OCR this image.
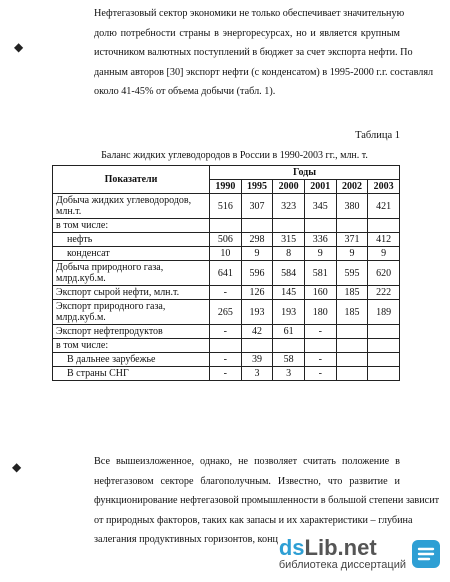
Нефтегазовый сектор экономики не только обеспечивает значительную
долю потребности страны в энергоресурсах, но и является крупным
источником валютных поступлений в бюджет за счет экспорта нефти. По
данным авторов [30] экспорт нефти (с конденсатом) в 1995-2000 г.г. составлял
около 41-45% от объема добычи (табл. 1).
◆
Таблица 1
Баланс жидких углеводородов в России в 1990-2003 гг., млн. т.
Показатели	Годы					
	1990	1995	2000	2001	2002	2003
Добыча жидких углеводородов, млн.т.	516	307	323	345	380	421
в том числе:						
нефть	506	298	315	336	371	412
конденсат	10	9	8	9	9	9
Добыча природного газа, млрд.куб.м.	641	596	584	581	595	620
Экспорт сырой нефти, млн.т.	-	126	145	160	185	222
Экспорт природного газа, млрд.куб.м.	265	193	193	180	185	189
Экспорт нефтепродуктов	-	42	61	-		
в том числе:						
В дальнее зарубежье	-	39	58	-		
В страны СНГ	-	3	3	-		
Все вышеизложенное, однако, не позволяет считать положение в
нефтегазовом секторе благополучным. Известно, что развитие и
функционирование нефтегазовой промышленности в большой степени зависит
от природных факторов, таких как запасы и их характеристики – глубина
залегания продуктивных горизонтов, конц
◆
dsLib.net
библиотека диссертаций
